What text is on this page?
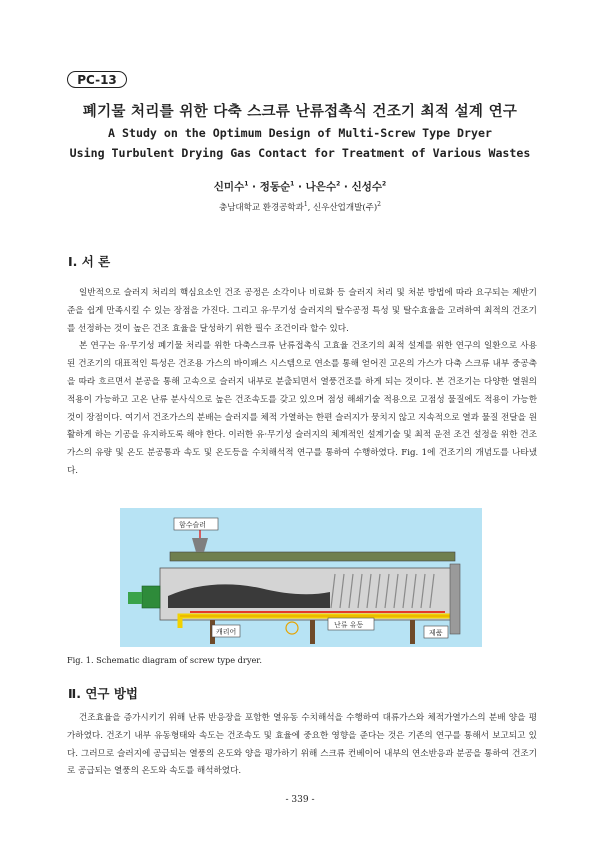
PC-13
폐기물 처리를 위한 다축 스크류 난류접촉식 건조기 최적 설계 연구
A Study on the Optimum Design of Multi-Screw Type Dryer
Using Turbulent Drying Gas Contact for Treatment of Various Wastes
신미수$^1$ · 정동순$^1$ · 나은수$^2$ · 신성수$^2$
충남대학교 환경공학과$^1$, 신우산업개발(주)$^2$
Ⅰ. 서 론

일반적으로 슬러지 처리의 핵심요소인 건조 공정은 소각이나 비료화 등 슬러지 처리 및 처분 방법에 따라 요구되는 제반기준을 쉽게 만족시킬 수 있는 장점을 가진다. 그리고 유·무기성 슬러지의 탈수공정 특성 및 탈수효율을 고려하여 최적의 건조기를 선정하는 것이 높은 건조 효율을 달성하기 위한 필수 조건이라 할수 있다.

본 연구는 유·무기성 폐기물 처리를 위한 다축스크류 난류접촉식 고효율 건조기의 최적 설계를 위한 연구의 일환으로 사용된 건조기의 대표적인 특성은 건조용 가스의 바이패스 시스템으로 연소를 통해 얻어진 고온의 가스가 다축 스크류 내부 중공축을 따라 흐르면서 분공을 통해 고속으로 슬러지 내부로 분출되면서 열풍건조를 하게 되는 것이다. 본 건조기는 다양한 열원의 적용이 가능하고 고온 난류 분사식으로 높은 건조속도를 갖고 있으며 점성 해쇄기술 적용으로 고점성 물질에도 적용이 가능한 것이 장점이다. 여기서 건조가스의 분배는 슬러지를 체적 가열하는 한편 슬러지가 뭉치지 않고 지속적으로 열과 물질 전달을 원활하게 하는 기공을 유지하도록 해야 한다. 이러한 유·무기성 슬러지의 체계적인 설계기술 및 최적 운전 조건 설정을 위한 건조가스의 유량 및 온도 분공통과 속도 및 온도등을 수치해석적 연구를 통하여 수행하였다. Fig. 1에 건조기의 개념도를 나타냈다.

함수슬러
캐리어
난류 유동
제품
Fig. 1. Schematic diagram of screw type dryer.
Ⅱ. 연구 방법

건조효율을 증가시키기 위해 난류 반응장을 포함한 열유동 수치해석을 수행하여 대류가스와 체적가열가스의 분배 양을 평가하였다. 건조기 내부 유동형태와 속도는 건조속도 및 효율에 중요한 영향을 준다는 것은 기존의 연구를 통해서 보고되고 있다. 그러므로 슬러지에 공급되는 열풍의 온도와 양을 평가하기 위해 스크류 컨베이어 내부의 연소반응과 분공을 통하여 건조기로 공급되는 열풍의 온도와 속도를 해석하였다.

- 339 -
